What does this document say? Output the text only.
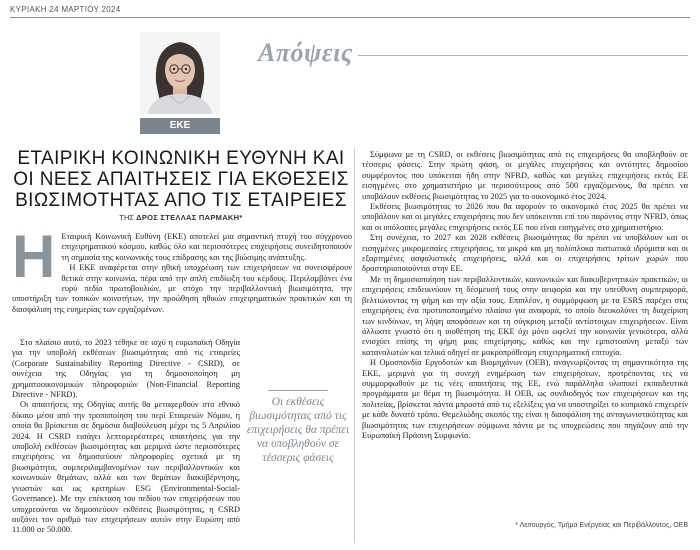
ΚΥΡΙΑΚΗ 24 ΜΑΡΤΙΟΥ 2024
ΕΚΕ
Απόψεις
ΕΤΑΙΡΙΚΗ ΚΟΙΝΩΝΙΚΗ ΕΥΘΥΝΗ ΚΑΙ ΟΙ ΝΕΕΣ ΑΠΑΙΤΗΣΕΙΣ ΓΙΑ ΕΚΘΕΣΕΙΣ ΒΙΩΣΙΜΟΤΗΤΑΣ ΑΠΟ ΤΙΣ ΕΤΑΙΡΕΙΕΣ
ΤΗΣ ΔΡΟΣ ΣΤΕΛΛΑΣ ΠΑΡΜΑΚΗ*
Η Εταιρική Κοινωνική Ευθύνη (ΕΚΕ) αποτελεί μια σημαντική πτυχή του σύγχρονου επιχειρηματικού κόσμου, καθώς όλο και περισσότερες επιχειρήσεις συνειδητοποιούν τη σημασία της κοινωνικής τους επίδρασης και της βιώσιμης ανάπτυξης.

Η ΕΚΕ αναφέρεται στην ηθική υποχρέωση των επιχειρήσεων να συνεισφέρουν θετικά στην κοινωνία, πέρα από την απλή επιδίωξη του κέρδους. Περιλαμβάνει ένα ευρύ πεδίο πρωτοβουλιών, με στόχο την περιβαλλοντική βιωσιμότητα, την υποστήριξη των τοπικών κοινοτήτων, την προώθηση ηθικών επιχειρηματικών πρακτικών και τη διασφάλιση της ευημερίας των εργαζομένων.

Στο πλαίσιο αυτό, το 2023 τέθηκε σε ισχύ η ευρωπαϊκή Οδηγία για την υποβολή εκθέσεων βιωσιμότητας από τις εταιρείες (Corporate Sustainability Reporting Directive - CSRD), σε συνέχεια της Οδηγίας για τη δημοσιοποίηση μη χρηματοοικονομικών πληροφοριών (Non-Financial Reporting Directive - NFRD).

Οι απαιτήσεις της Οδηγίας αυτής θα μεταφερθούν στο εθνικό δίκαιο μέσα από την τροποποίηση του περί Εταιρειών Νόμου, η οποία θα βρίσκεται σε δημόσια διαβούλευση μέχρι τις 5 Απριλίου 2024. Η CSRD εισάγει λεπτομερέστερες απαιτήσεις για την υποβολή εκθέσεων βιωσιμότητας και μεριμνά ώστε περισσότερες επιχειρήσεις να δημοσιεύουν πληροφορίες σχετικά με τη βιωσιμότητα, συμπεριλαμβανομένων των περιβαλλοντικών και κοινωνικών θεμάτων, αλλά και των θεμάτων διακυβέρνησης, γνωστών και ως κριτηρίων ESG (Environmental-Social-Governance). Με την επέκταση του πεδίου των επιχειρήσεων που υποχρεούνται να δημοσιεύουν εκθέσεις βιωσιμότητας, η CSRD αυξάνει τον αριθμό των επιχειρήσεων αυτών στην Ευρώπη από 11.000 σε 50.000.

Οι εκθέσεις βιωσιμότητας από τις επιχειρήσεις θα πρέπει να υποβληθούν σε τέσσερις φάσεις

Σύμφωνα με τη CSRD, οι εκθέσεις βιωσιμότητας από τις επιχειρήσεις θα υποβληθούν σε τέσσερις φάσεις. Στην πρώτη φάση, οι μεγάλες επιχειρήσεις και οντότητες δημοσίου συμφέροντος που υπόκειται ήδη στην NFRD, καθώς και μεγάλες επιχειρήσεις εκτός ΕΕ εισηγμένες στο χρηματιστήριο με περισσότερους από 500 εργαζόμενους, θα πρέπει να υποβάλουν εκθέσεις βιωσιμότητας το 2025 για το οικονομικό έτος 2024.

Εκθέσεις βιωσιμότητας το 2026 που θα αφορούν το οικονομικό έτος 2025 θα πρέπει να υποβάλουν και οι μεγάλες επιχειρήσεις που δεν υπόκεινται επί του παρόντος στην NFRD, όπως και οι υπόλοιπες μεγάλες επιχειρήσεις εκτός ΕΕ που είναι εισηγμένες στο χρηματιστήριο.

Στη συνέχεια, το 2027 και 2028 εκθέσεις βιωσιμότητας θα πρέπει να υποβάλουν και οι εισηγμένες μικρομεσαίες επιχειρήσεις, τα μικρά και μη πολύπλοκα πιστωτικά ιδρύματα και οι εξαρτημένες ασφαλιστικές επιχειρήσεις, αλλά και οι επιχειρήσεις τρίτων χωρών που δραστηριοποιούνται στην ΕΕ.

Με τη δημοσιοποίηση των περιβαλλοντικών, κοινωνικών και διακυβερνητικών πρακτικών, οι επιχειρήσεις επιδεικνύουν τη δέσμευσή τους στην αειφορία και την υπεύθυνη συμπεριφορά, βελτιώνοντας τη φήμη και την αξία τους. Επιπλέον, η συμμόρφωση με τα ESRS παρέχει στις επιχειρήσεις ένα προτυποποιημένο πλαίσιο για αναφορά, το οποίο διευκολύνει τη διαχείριση των κινδύνων, τη λήψη αποφάσεων και τη σύγκριση μεταξύ αντίστοιχων επιχειρήσεων. Είναι άλλωστε γνωστό ότι η υιοθέτηση της ΕΚΕ όχι μόνο ωφελεί την κοινωνία γενικότερα, αλλά ενισχύει επίσης τη φήμη μιας επιχείρησης, καθώς και την εμπιστοσύνη μεταξύ των καταναλωτών και τελικά οδηγεί σε μακροπρόθεσμη επιχειρηματική επιτυχία.

Η Ομοσπονδία Εργοδοτών και Βιομηχάνων (ΟΕΒ), αναγνωρίζοντας τη σημαντικότητα της ΕΚΕ, μεριμνά για τη συνεχή ενημέρωση των επιχειρήσεων, προτρέποντας τες να συμμορφωθούν με τις νέες απαιτήσεις της ΕΕ, ενώ παράλληλα υλοποιεί εκπαιδευτικά προγράμματα με θέμα τη βιωσιμότητα. Η ΟΕΒ, ως συνδιοδηγός των επιχειρήσεων και της πολιτείας, βρίσκεται πάντα μπροστά από τις εξελίξεις για να υποστηρίξει το κυπριακό επιχειρείν με κάθε δυνατό τρόπο. Θεμελιώδης σκοπός της είναι η διασφάλιση της ανταγωνιστικότητας και βιωσιμότητας των επιχειρήσεων σύμφωνα πάντα με τις υποχρεώσεις που πηγάζουν από την Ευρωπαϊκή Πράσινη Συμφωνία.

* Λειτουργός, Τμήμα Ενέργειας και Περιβάλλοντος, ΟΕΒ
